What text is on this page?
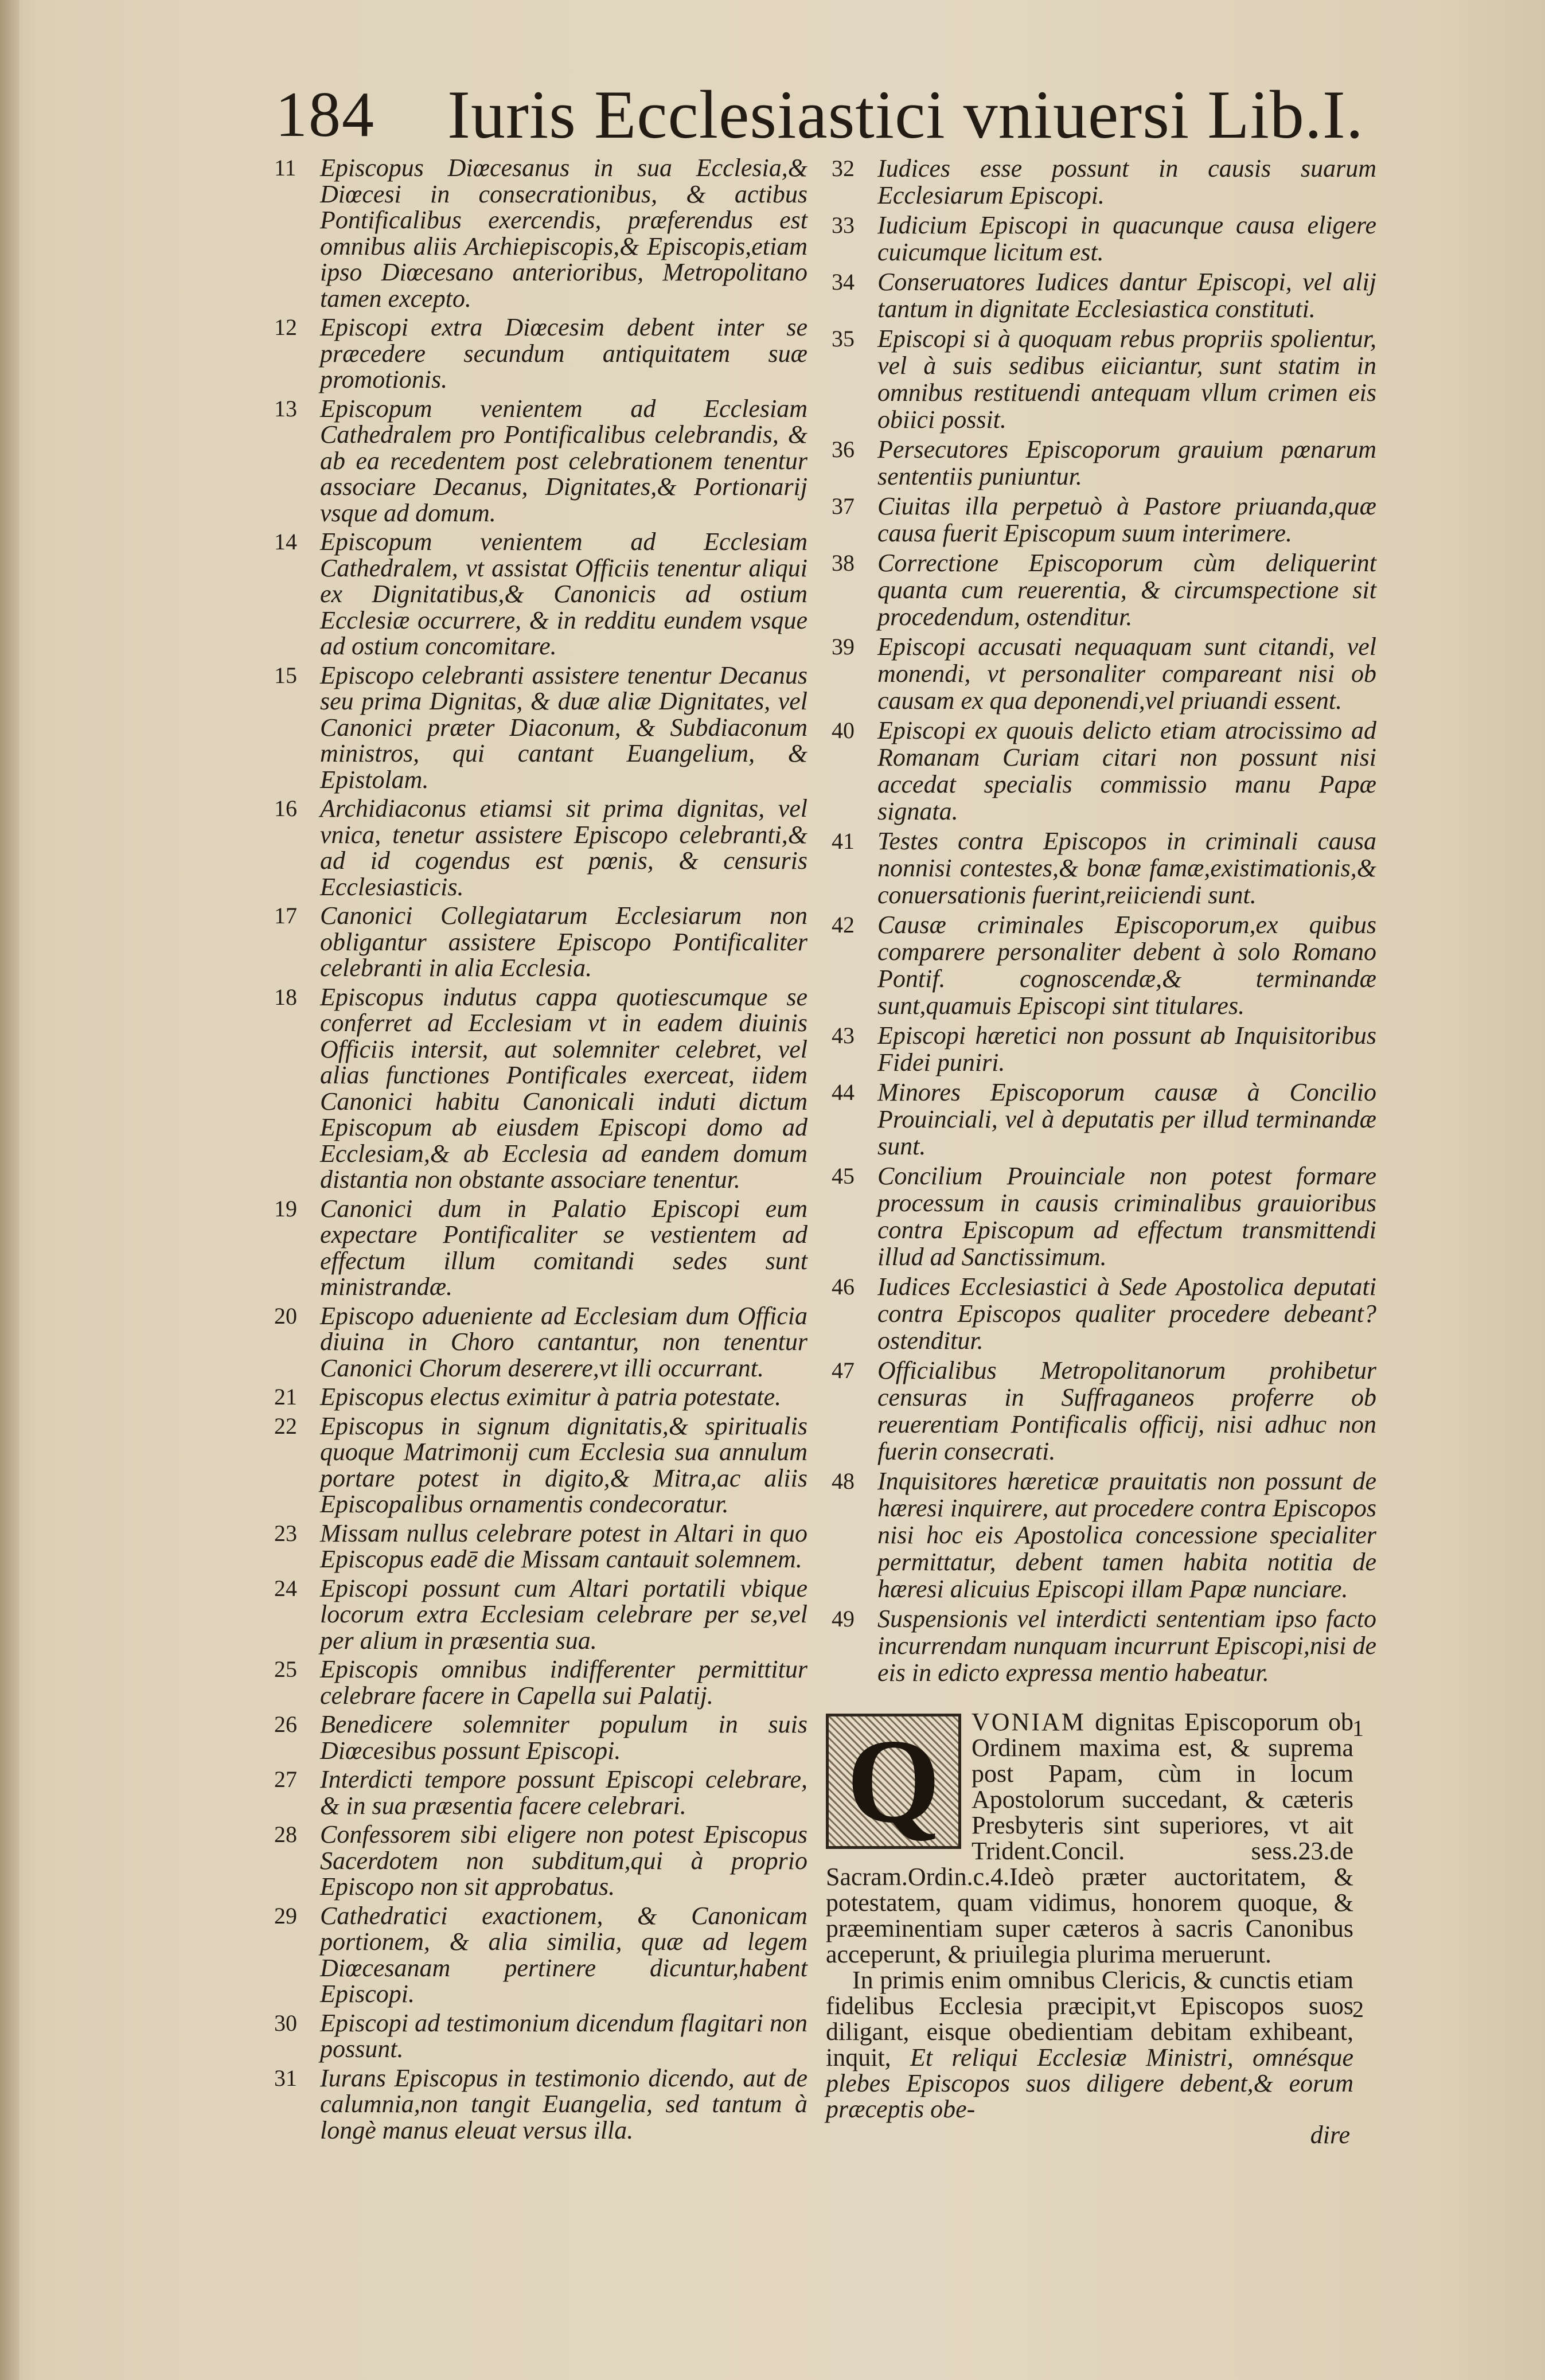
184 Iuris Ecclesiastici vniuersi Lib.I.
11 Episcopus Diœcesanus in sua Ecclesia,& Diœcesi in consecrationibus, & actibus Pontificalibus exercendis, præferendus est omnibus aliis Archiepiscopis,& Episcopis,etiam ipso Diœcesano anterioribus, Metropolitano tamen excepto.
12 Episcopi extra Diœcesim debent inter se præcedere secundum antiquitatem suæ promotionis.
13 Episcopum venientem ad Ecclesiam Cathedralem pro Pontificalibus celebrandis, & ab ea recedentem post celebrationem tenentur associare Decanus, Dignitates,& Portionarij vsque ad domum.
14 Episcopum venientem ad Ecclesiam Cathedralem, vt assistat Officiis tenentur aliqui ex Dignitatibus,& Canonicis ad ostium Ecclesiæ occurrere, & in redditu eundem vsque ad ostium concomitare.
15 Episcopo celebranti assistere tenentur Decanus seu prima Dignitas, & duæ aliæ Dignitates, vel Canonici præter Diaconum, & Subdiaconum ministros, qui cantant Euangelium, & Epistolam.
16 Archidiaconus etiamsi sit prima dignitas, vel vnica, tenetur assistere Episcopo celebranti,& ad id cogendus est pœnis, & censuris Ecclesiasticis.
17 Canonici Collegiatarum Ecclesiarum non obligantur assistere Episcopo Pontificaliter celebranti in alia Ecclesia.
18 Episcopus indutus cappa quotiescumque se conferret ad Ecclesiam vt in eadem diuinis Officiis intersit, aut solemniter celebret, vel alias functiones Pontificales exerceat, iidem Canonici habitu Canonicali induti dictum Episcopum ab eiusdem Episcopi domo ad Ecclesiam,& ab Ecclesia ad eandem domum distantia non obstante associare tenentur.
19 Canonici dum in Palatio Episcopi eum expectare Pontificaliter se vestientem ad effectum illum comitandi sedes sunt ministrandæ.
20 Episcopo adueniente ad Ecclesiam dum Officia diuina in Choro cantantur, non tenentur Canonici Chorum deserere,vt illi occurrant.
21 Episcopus electus eximitur à patria potestate.
22 Episcopus in signum dignitatis,& spiritualis quoque Matrimonij cum Ecclesia sua annulum portare potest in digito,& Mitra,ac aliis Episcopalibus ornamentis condecoratur.
23 Missam nullus celebrare potest in Altari in quo Episcopus eadē die Missam cantauit solemnem.
24 Episcopi possunt cum Altari portatili vbique locorum extra Ecclesiam celebrare per se,vel per alium in præsentia sua.
25 Episcopis omnibus indifferenter permittitur celebrare facere in Capella sui Palatij.
26 Benedicere solemniter populum in suis Diœcesibus possunt Episcopi.
27 Interdicti tempore possunt Episcopi celebrare, & in sua præsentia facere celebrari.
28 Confessorem sibi eligere non potest Episcopus Sacerdotem non subditum,qui à proprio Episcopo non sit approbatus.
29 Cathedratici exactionem, & Canonicam portionem, & alia similia, quæ ad legem Diœcesanam pertinere dicuntur,habent Episcopi.
30 Episcopi ad testimonium dicendum flagitari non possunt.
31 Iurans Episcopus in testimonio dicendo, aut de calumnia,non tangit Euangelia, sed tantum à longè manus eleuat versus illa.
32 Iudices esse possunt in causis suarum Ecclesiarum Episcopi.
33 Iudicium Episcopi in quacunque causa eligere cuicumque licitum est.
34 Conseruatores Iudices dantur Episcopi, vel alij tantum in dignitate Ecclesiastica constituti.
35 Episcopi si à quoquam rebus propriis spolientur, vel à suis sedibus eiiciantur, sunt statim in omnibus restituendi antequam vllum crimen eis obiici possit.
36 Persecutores Episcoporum grauium pœnarum sententiis puniuntur.
37 Ciuitas illa perpetuò à Pastore priuanda,quæ causa fuerit Episcopum suum interimere.
38 Correctione Episcoporum cùm deliquerint quanta cum reuerentia, & circumspectione sit procedendum, ostenditur.
39 Episcopi accusati nequaquam sunt citandi, vel monendi, vt personaliter compareant nisi ob causam ex qua deponendi,vel priuandi essent.
40 Episcopi ex quouis delicto etiam atrocissimo ad Romanam Curiam citari non possunt nisi accedat specialis commissio manu Papæ signata.
41 Testes contra Episcopos in criminali causa nonnisi contestes,& bonæ famæ,existimationis,& conuersationis fuerint,reiiciendi sunt.
42 Causæ criminales Episcoporum,ex quibus comparere personaliter debent à solo Romano Pontif. cognoscendæ,& terminandæ sunt,quamuis Episcopi sint titulares.
43 Episcopi hæretici non possunt ab Inquisitoribus Fidei puniri.
44 Minores Episcoporum causæ à Concilio Prouinciali, vel à deputatis per illud terminandæ sunt.
45 Concilium Prouinciale non potest formare processum in causis criminalibus grauioribus contra Episcopum ad effectum transmittendi illud ad Sanctissimum.
46 Iudices Ecclesiastici à Sede Apostolica deputati contra Episcopos qualiter procedere debeant? ostenditur.
47 Officialibus Metropolitanorum prohibetur censuras in Suffraganeos proferre ob reuerentiam Pontificalis officij, nisi adhuc non fuerin consecrati.
48 Inquisitores hæreticæ prauitatis non possunt de hæresi inquirere, aut procedere contra Episcopos nisi hoc eis Apostolica concessione specialiter permittatur, debent tamen habita notitia de hæresi alicuius Episcopi illam Papæ nunciare.
49 Suspensionis vel interdicti sententiam ipso facto incurrendam nunquam incurrunt Episcopi,nisi de eis in edicto expressa mentio habeatur.

Q	VONIAM dignitas Episcoporum ob Ordinem maxima est, & suprema post Papam, cùm in locum Apostolorum succedant, & cæteris Presbyteris sint superiores, vt ait Trident.Concil. sess.23.de Sacram.Ordin.c.4.Ideò præter auctoritatem, & potestatem, quam vidimus, honorem quoque, & præeminentiam super cæteros à sacris Canonibus acceperunt, & priuilegia plurima meruerunt.

In primis enim omnibus Clericis, & cunctis etiam fidelibus Ecclesia præcipit,vt Episcopos suos diligant, eisque obedientiam debitam exhibeant, inquit, Et reliqui Ecclesiæ Ministri, omnésque plebes Episcopos suos diligere debent,& eorum præceptis obe-

dire
1
2
